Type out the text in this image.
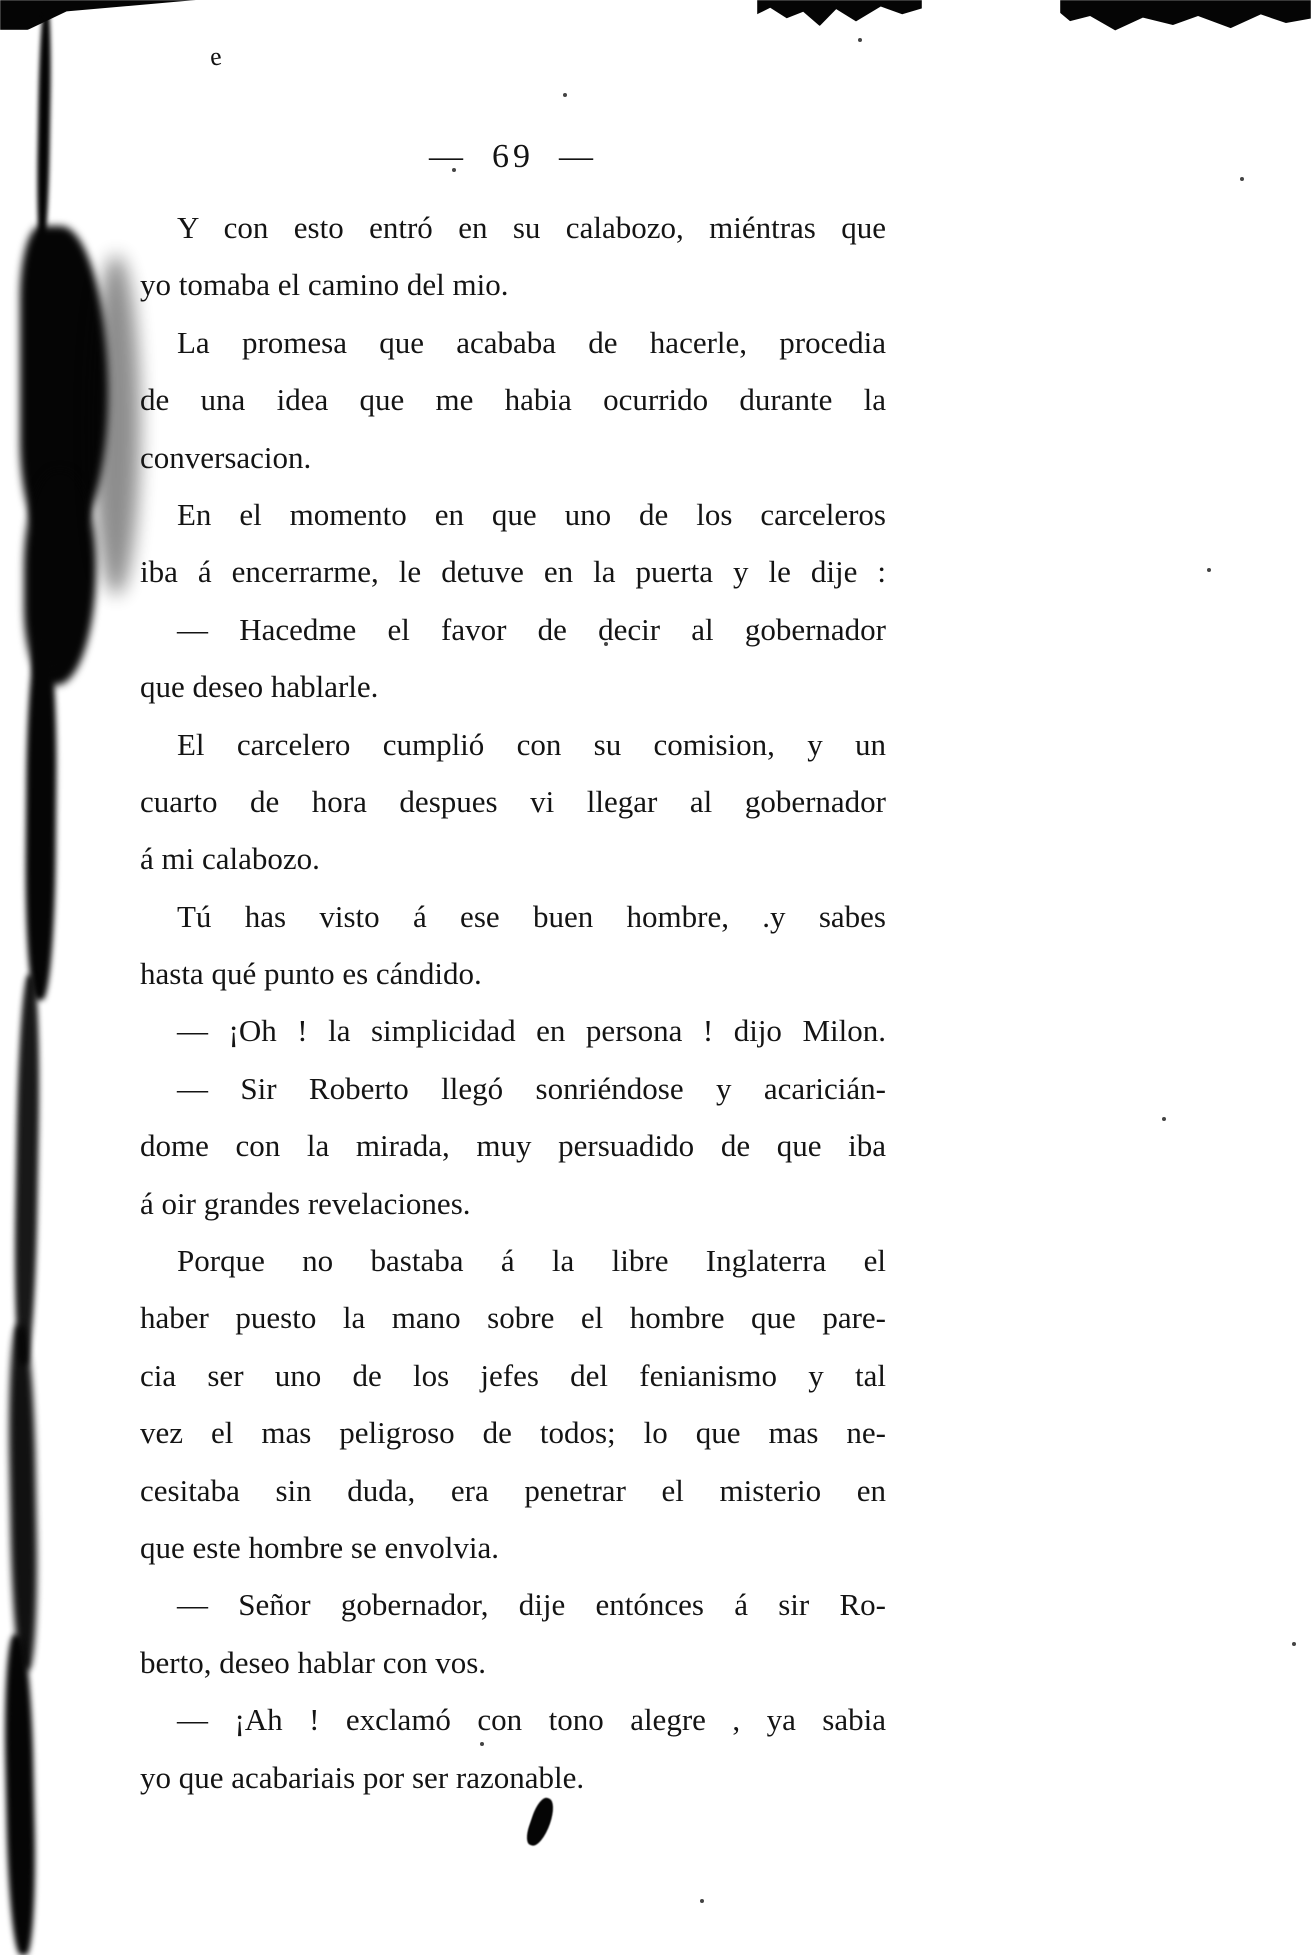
e
—  69  —
Y con esto entró en su calabozo, miéntras que
yo tomaba el camino del mio.
La promesa que acababa de hacerle, procedia
de una idea que me habia ocurrido durante la
conversacion.
En el momento en que uno de los carceleros
iba á encerrarme, le detuve en la puerta y le dije :
— Hacedme el favor de decir al gobernador
que deseo hablarle.
El carcelero cumplió con su comision, y un
cuarto de hora despues vi llegar al gobernador
á mi calabozo.
Tú has visto á ese buen hombre, .y sabes
hasta qué punto es cándido.
— ¡Oh ! la simplicidad en persona ! dijo Milon.
— Sir Roberto llegó sonriéndose y acaricián-
dome con la mirada, muy persuadido de que iba
á oir grandes revelaciones.
Porque no bastaba á la libre Inglaterra el
haber puesto la mano sobre el hombre que pare-
cia ser uno de los jefes del fenianismo y tal
vez el mas peligroso de todos; lo que mas ne-
cesitaba sin duda, era penetrar el misterio en
que este hombre se envolvia.
— Señor gobernador, dije entónces á sir Ro-
berto, deseo hablar con vos.
— ¡Ah ! exclamó con tono alegre , ya sabia
yo que acabariais por ser razonable.
